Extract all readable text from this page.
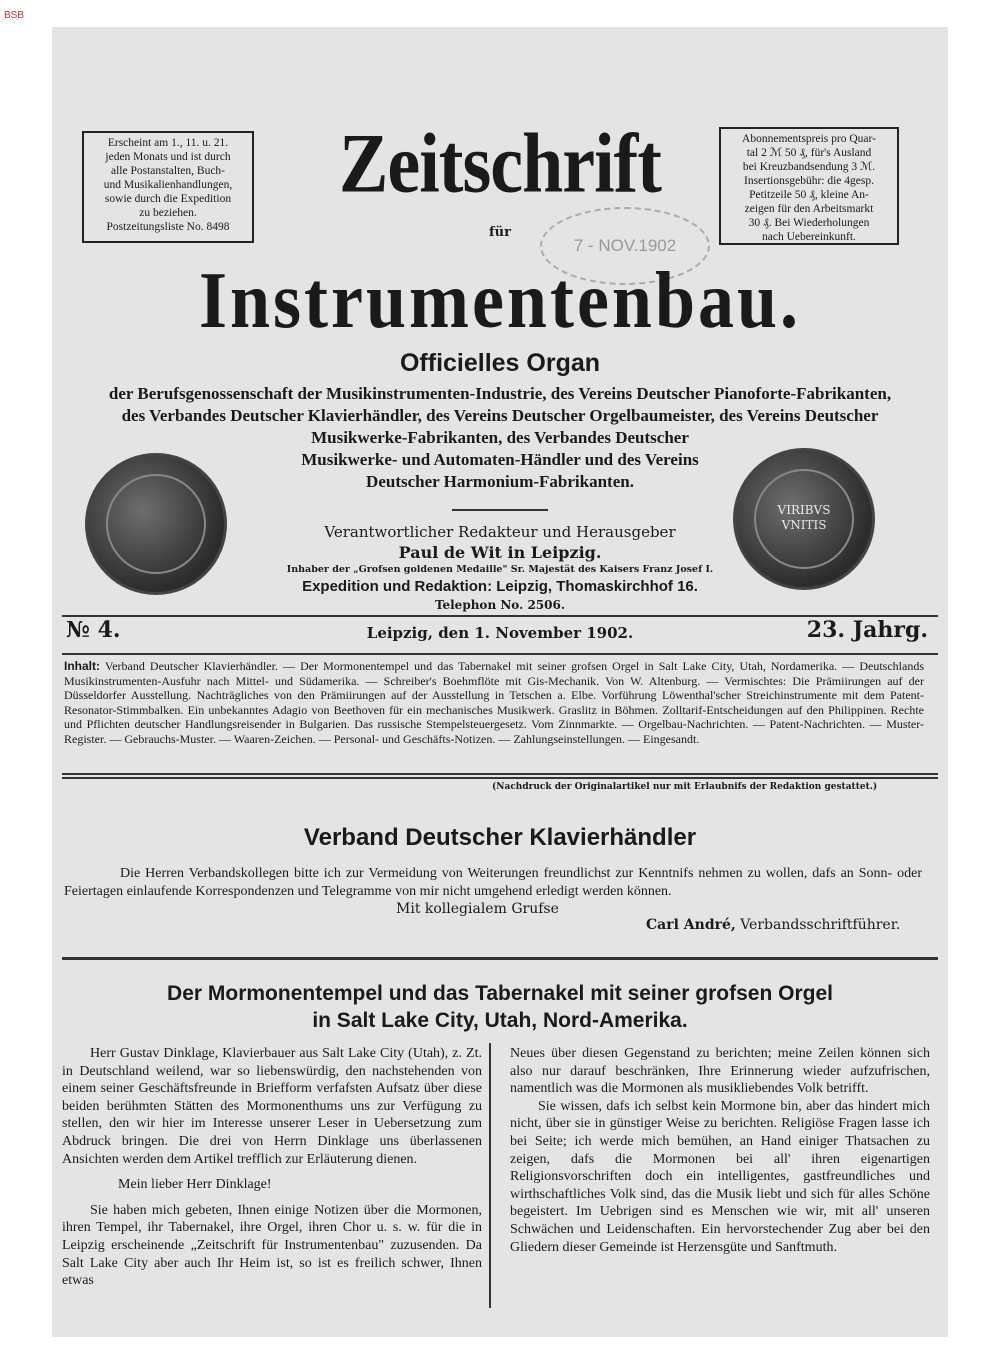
BSB
Erscheint am 1., 11. u. 21.
jeden Monats und ist durch
alle Postanstalten, Buch-
und Musikalienhandlungen,
sowie durch die Expedition
zu beziehen.
Postzeitungsliste No. 8498
Abonnementspreis pro Quar-
tal 2 ℳ 50 ₰, für's Ausland
bei Kreuzbandsendung 3 ℳ.
Insertionsgebühr: die 4gesp.
Petitzeile 50 ₰, kleine An-
zeigen für den Arbeitsmarkt
30 ₰. Bei Wiederholungen
nach Uebereinkunft.
Zeitschrift
7 - NOV.1902
für
Instrumentenbau.
Officielles Organ
der Berufsgenossenschaft der Musikinstrumenten-Industrie, des Vereins Deutscher Pianoforte-Fabrikanten,
des Verbandes Deutscher Klavierhändler, des Vereins Deutscher Orgelbaumeister, des Vereins Deutscher
Musikwerke-Fabrikanten, des Verbandes Deutscher
Musikwerke- und Automaten-Händler und des Vereins
Deutscher Harmonium-Fabrikanten.
VIRIBVS
VNITIS
Verantwortlicher Redakteur und Herausgeber
Paul de Wit in Leipzig.
Inhaber der „Grofsen goldenen Medaille" Sr. Majestät des Kaisers Franz Josef I.
Expedition und Redaktion: Leipzig, Thomaskirchhof 16.
Telephon No. 2506.
№ 4.	Leipzig, den 1. November 1902.	23. Jahrg.
Inhalt: Verband Deutscher Klavierhändler. — Der Mormonentempel und das Tabernakel mit seiner grofsen Orgel in Salt Lake City, Utah, Nordamerika. — Deutschlands Musikinstrumenten-Ausfuhr nach Mittel- und Südamerika. — Schreiber's Boehmflöte mit Gis-Mechanik. Von W. Altenburg. — Vermischtes: Die Prämiirungen auf der Düsseldorfer Ausstellung. Nachträgliches von den Prämiirungen auf der Ausstellung in Tetschen a. Elbe. Vorführung Löwenthal'scher Streichinstrumente mit dem Patent-Resonator-Stimmbalken. Ein unbekanntes Adagio von Beethoven für ein mechanisches Musikwerk. Graslitz in Böhmen. Zolltarif-Entscheidungen auf den Philippinen. Rechte und Pflichten deutscher Handlungsreisender in Bulgarien. Das russische Stempelsteuergesetz. Vom Zinnmarkte. — Orgelbau-Nachrichten. — Patent-Nachrichten. — Muster-Register. — Gebrauchs-Muster. — Waaren-Zeichen. — Personal- und Geschäfts-Notizen. — Zahlungseinstellungen. — Eingesandt.
(Nachdruck der Originalartikel nur mit Erlaubnifs der Redaktion gestattet.)
Verband Deutscher Klavierhändler
Die Herren Verbandskollegen bitte ich zur Vermeidung von Weiterungen freundlichst zur Kenntnifs nehmen zu wollen, dafs an Sonn- oder Feiertagen einlaufende Korrespondenzen und Telegramme von mir nicht umgehend erledigt werden können.
Mit kollegialem Grufse
Carl André, Verbandsschriftführer.
Der Mormonentempel und das Tabernakel mit seiner grofsen Orgel
in Salt Lake City, Utah, Nord-Amerika.

Herr Gustav Dinklage, Klavierbauer aus Salt Lake City (Utah), z. Zt. in Deutschland weilend, war so liebenswürdig, den nachstehenden von einem seiner Geschäftsfreunde in Briefform verfafsten Aufsatz über diese beiden berühmten Stätten des Mormonenthums uns zur Verfügung zu stellen, den wir hier im Interesse unserer Leser in Uebersetzung zum Abdruck bringen. Die drei von Herrn Dinklage uns überlassenen Ansichten werden dem Artikel trefflich zur Erläuterung dienen.

Mein lieber Herr Dinklage!

Sie haben mich gebeten, Ihnen einige Notizen über die Mormonen, ihren Tempel, ihr Tabernakel, ihre Orgel, ihren Chor u. s. w. für die in Leipzig erscheinende „Zeitschrift für Instrumentenbau" zuzusenden. Da Salt Lake City aber auch Ihr Heim ist, so ist es freilich schwer, Ihnen etwas

Neues über diesen Gegenstand zu berichten; meine Zeilen können sich also nur darauf beschränken, Ihre Erinnerung wieder aufzufrischen, namentlich was die Mormonen als musikliebendes Volk betrifft.

Sie wissen, dafs ich selbst kein Mormone bin, aber das hindert mich nicht, über sie in günstiger Weise zu berichten. Religiöse Fragen lasse ich bei Seite; ich werde mich bemühen, an Hand einiger Thatsachen zu zeigen, dafs die Mormonen bei all' ihren eigenartigen Religionsvorschriften doch ein intelligentes, gastfreundliches und wirthschaftliches Volk sind, das die Musik liebt und sich für alles Schöne begeistert. Im Uebrigen sind es Menschen wie wir, mit all' unseren Schwächen und Leidenschaften. Ein hervorstechender Zug aber bei den Gliedern dieser Gemeinde ist Herzensgüte und Sanftmuth.
